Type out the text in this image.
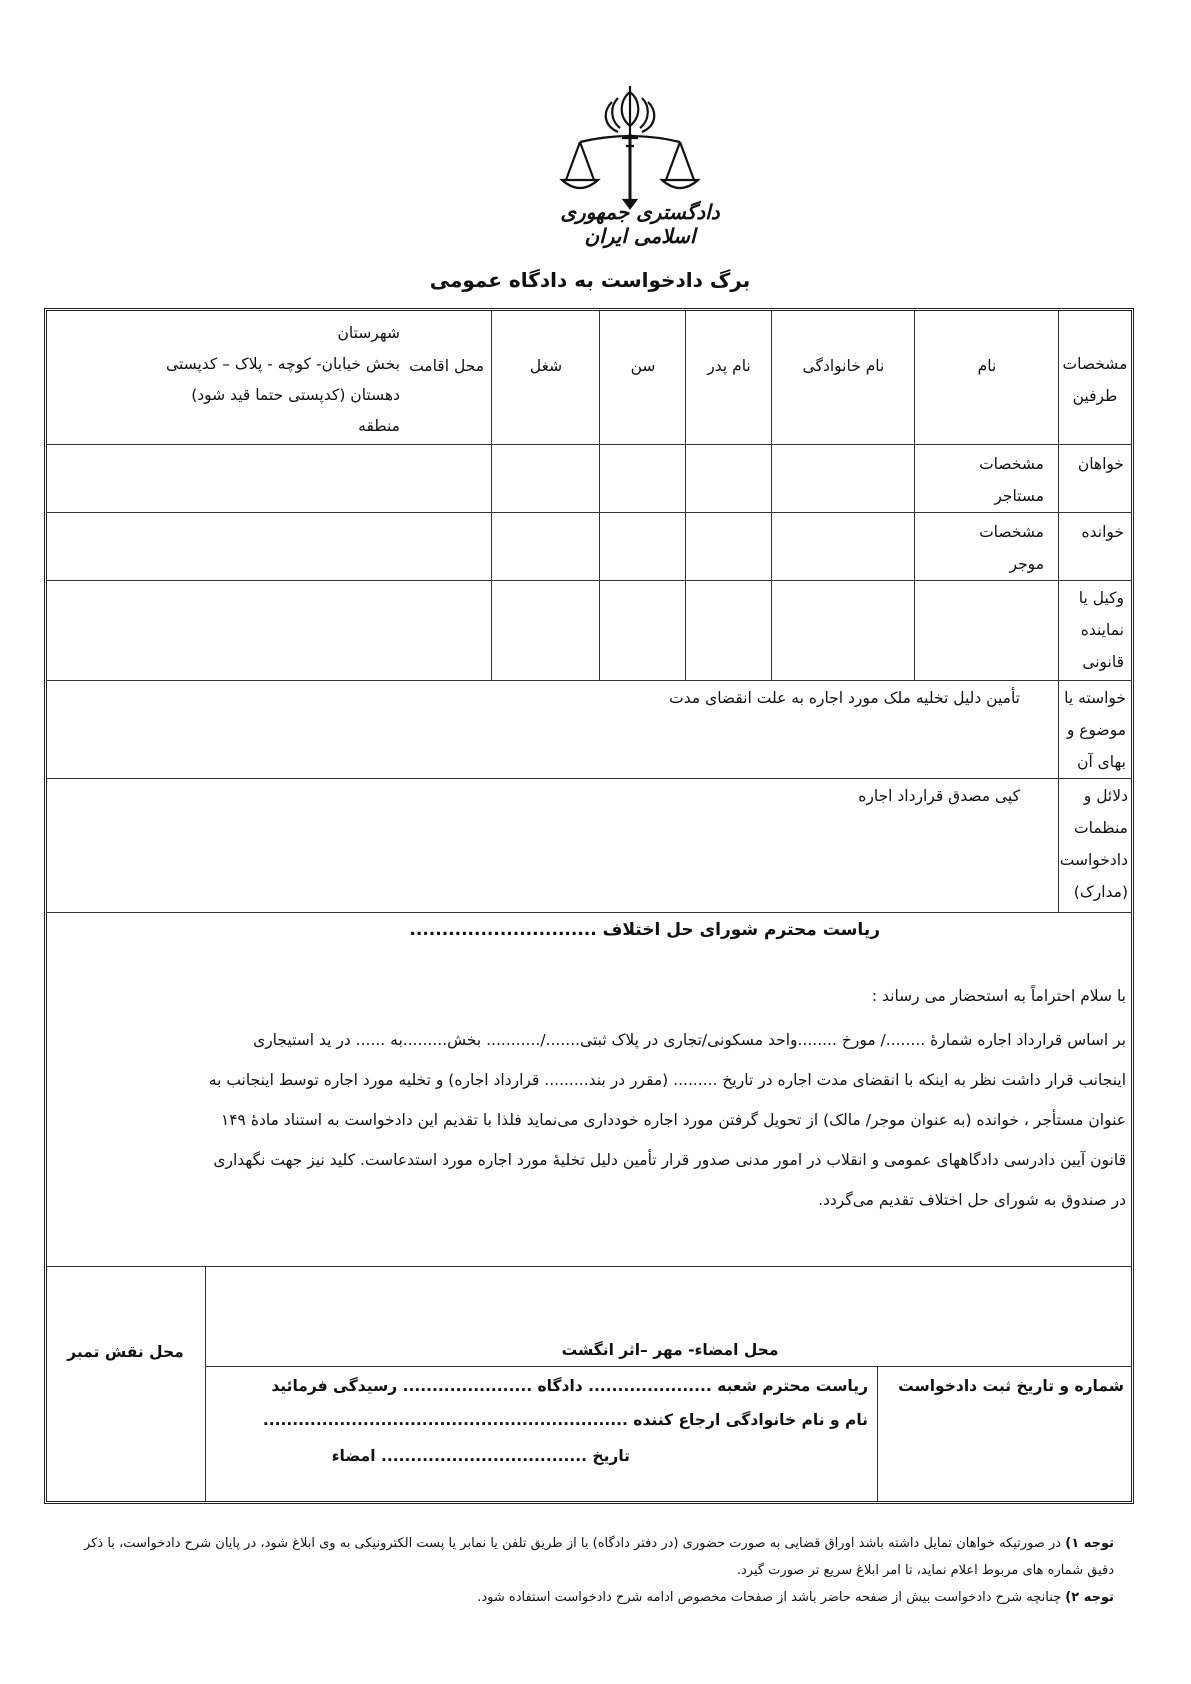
دادگستری جمهوری اسلامی ایران
برگ دادخواست به دادگاه عمومی
مشخصات
طرفین
نام
نام خانوادگی
نام پدر
سن
شغل
محل اقامت
شهرستان
بخش خیابان- کوچه - پلاک – کدپستی
دهستان (کدپستی حتما قید شود)
منطقه
خواهان
مشخصات
مستاجر
خوانده
مشخصات
موجر
وکیل یا
نماینده
قانونی
خواسته یا
موضوع و
بهای آن
تأمین دلیل تخلیه ملک مورد اجاره به علت انقضای مدت
دلائل و
منظمات
دادخواست
(مدارک)
کپی مصدق قرارداد اجاره
ریاست محترم شورای حل اختلاف .............................
با سلام احتراماً به استحضار می رساند :
بر اساس قرارداد اجاره شمارۀ ......../ مورخ ........واحد مسکونی/تجاری در پلاک ثبتی......./........... بخش.........به ...... در ید استیجاری
اینجانب قرار داشت نظر به اینکه با انقضای مدت اجاره در تاریخ ......... (مقرر در بند......... قرارداد اجاره) و تخلیه مورد اجاره توسط اینجانب به
عنوان مستأجر ، خوانده (به عنوان موجر/ مالک) از تحویل گرفتن مورد اجاره خودداری می‌نماید فلذا با تقدیم این دادخواست به استناد مادۀ ۱۴۹
قانون آیین دادرسی دادگاههای عمومی و انقلاب در امور مدنی صدور قرار تأمین دلیل تخلیۀ مورد اجاره مورد استدعاست. کلید نیز جهت نگهداری
در صندوق به شورای حل اختلاف تقدیم می‌گردد.
محل نقش تمبر	محل امضاء- مهر –اثر انگشت
شماره و تاریخ ثبت دادخواست
ریاست محترم شعبه ..................... دادگاه ...................... رسیدگی فرمائید
نام و نام خانوادگی ارجاع کننده ..............................................................
تاریخ ................................... امضاء

توجه ۱) در صورتیکه خواهان تمایل داشته باشد اوراق قضایی به صورت حضوری (در دفتر دادگاه) یا از طریق تلفن یا نمابر یا پست الکترونیکی به وی ابلاغ شود، در پایان شرح دادخواست، با ذکر دقیق شماره های مربوط اعلام نماید، تا امر ابلاغ سریع تر صورت گیرد.

توجه ۲) چنانچه شرح دادخواست بیش از صفحه حاضر باشد از صفحات مخصوص ادامه شرح دادخواست استفاده شود.
